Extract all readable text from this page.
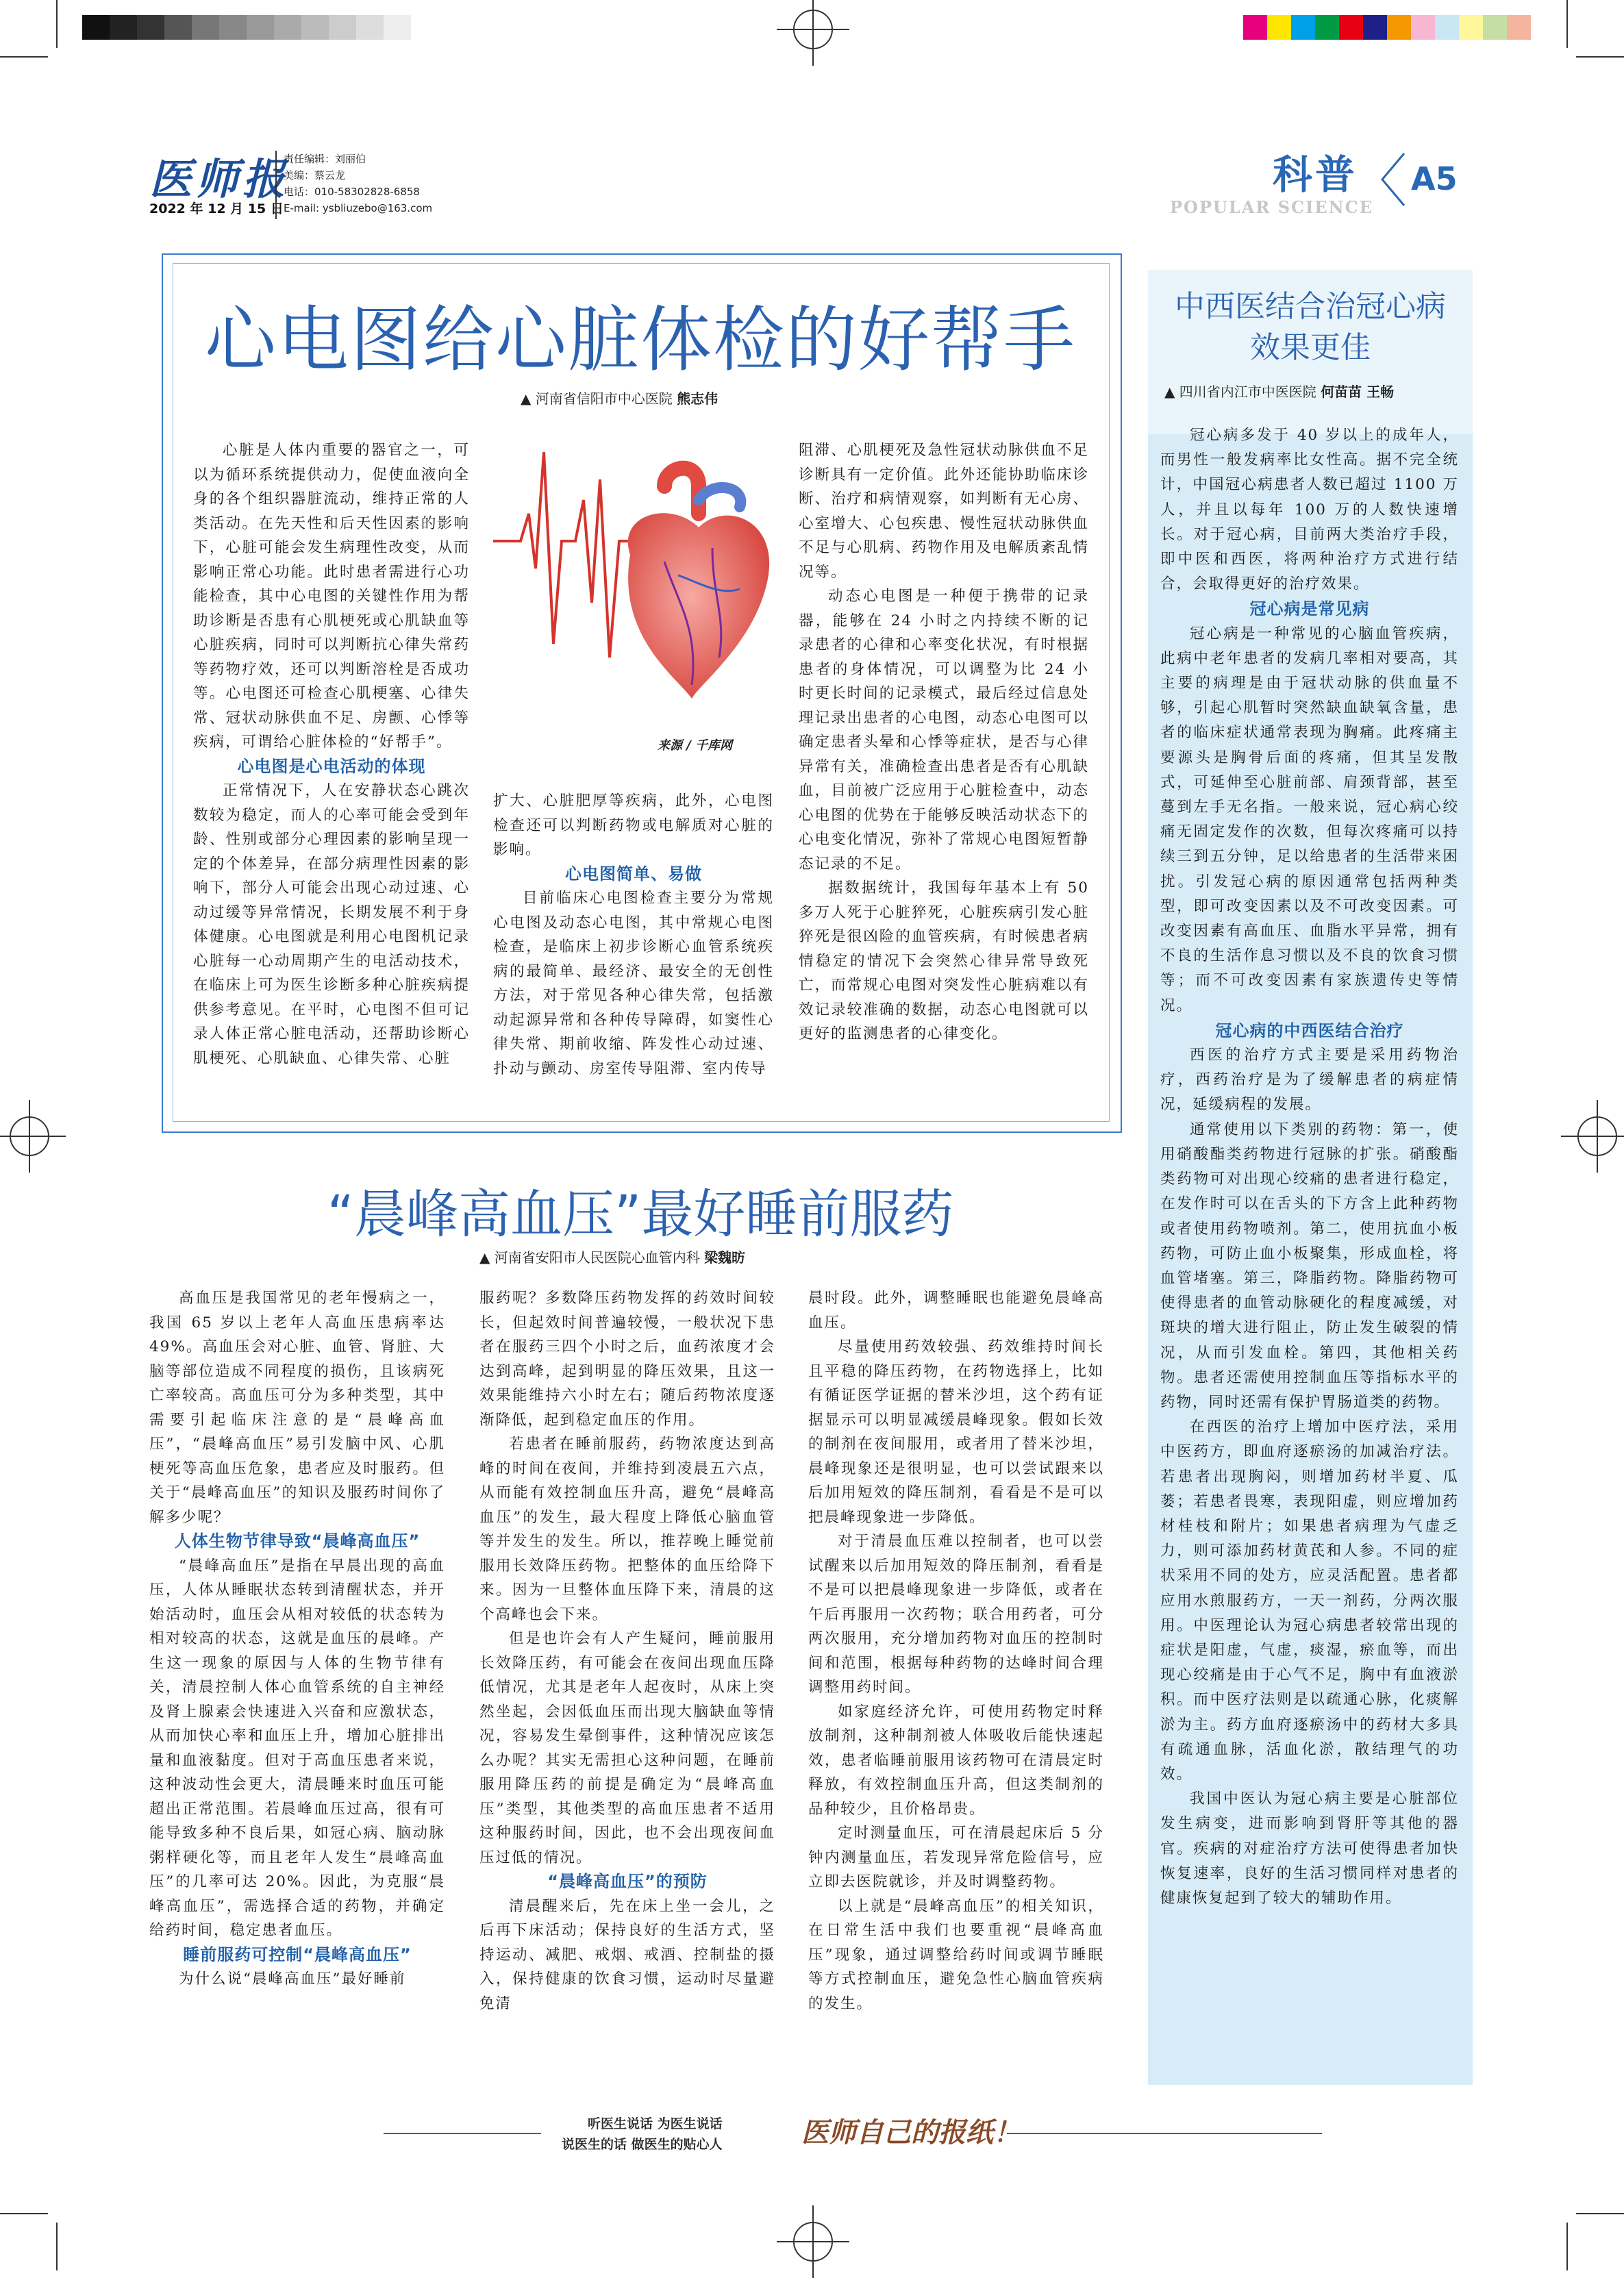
医师报
2022 年 12 月 15 日
责任编辑：刘丽伯
美编：蔡云龙
电话：010-58302828-6858
E-mail: ysbliuzebo@163.com
科普
POPULAR SCIENCE
A5
心电图给心脏体检的好帮手
▲ 河南省信阳市中心医院 熊志伟
来源 / 千库网

心脏是人体内重要的器官之一，可以为循环系统提供动力，促使血液向全身的各个组织器脏流动，维持正常的人类活动。在先天性和后天性因素的影响下，心脏可能会发生病理性改变，从而影响正常心功能。此时患者需进行心功能检查，其中心电图的关键性作用为帮助诊断是否患有心肌梗死或心肌缺血等心脏疾病，同时可以判断抗心律失常药等药物疗效，还可以判断溶栓是否成功等。心电图还可检查心肌梗塞、心律失常、冠状动脉供血不足、房颤、心悸等疾病，可谓给心脏体检的“好帮手”。

心电图是心电活动的体现

正常情况下，人在安静状态心跳次数较为稳定，而人的心率可能会受到年龄、性别或部分心理因素的影响呈现一定的个体差异，在部分病理性因素的影响下，部分人可能会出现心动过速、心动过缓等异常情况，长期发展不利于身体健康。心电图就是利用心电图机记录心脏每一心动周期产生的电活动技术，在临床上可为医生诊断多种心脏疾病提供参考意见。在平时，心电图不但可记录人体正常心脏电活动，还帮助诊断心肌梗死、心肌缺血、心律失常、心脏

扩大、心脏肥厚等疾病，此外，心电图检查还可以判断药物或电解质对心脏的影响。

心电图简单、易做

目前临床心电图检查主要分为常规心电图及动态心电图，其中常规心电图检查，是临床上初步诊断心血管系统疾病的最简单、最经济、最安全的无创性方法，对于常见各种心律失常，包括激动起源异常和各种传导障碍，如窦性心律失常、期前收缩、阵发性心动过速、扑动与颤动、房室传导阻滞、室内传导

阻滞、心肌梗死及急性冠状动脉供血不足诊断具有一定价值。此外还能协助临床诊断、治疗和病情观察，如判断有无心房、心室增大、心包疾患、慢性冠状动脉供血不足与心肌病、药物作用及电解质紊乱情况等。

动态心电图是一种便于携带的记录器，能够在 24 小时之内持续不断的记录患者的心律和心率变化状况，有时根据患者的身体情况，可以调整为比 24 小时更长时间的记录模式，最后经过信息处理记录出患者的心电图，动态心电图可以确定患者头晕和心悸等症状，是否与心律异常有关，准确检查出患者是否有心肌缺血，目前被广泛应用于心脏检查中，动态心电图的优势在于能够反映活动状态下的心电变化情况，弥补了常规心电图短暂静态记录的不足。

据数据统计，我国每年基本上有 50 多万人死于心脏猝死，心脏疾病引发心脏猝死是很凶险的血管疾病，有时候患者病情稳定的情况下会突然心律异常导致死亡，而常规心电图对突发性心脏病难以有效记录较准确的数据，动态心电图就可以更好的监测患者的心律变化。

“晨峰高血压”最好睡前服药
▲ 河南省安阳市人民医院心血管内科 梁魏昉

高血压是我国常见的老年慢病之一，我国 65 岁以上老年人高血压患病率达 49%。高血压会对心脏、血管、肾脏、大脑等部位造成不同程度的损伤，且该病死亡率较高。高血压可分为多种类型，其中需要引起临床注意的是“晨峰高血压”，“晨峰高血压”易引发脑中风、心肌梗死等高血压危象，患者应及时服药。但关于“晨峰高血压”的知识及服药时间你了解多少呢？

人体生物节律导致“晨峰高血压”

“晨峰高血压”是指在早晨出现的高血压，人体从睡眠状态转到清醒状态，并开始活动时，血压会从相对较低的状态转为相对较高的状态，这就是血压的晨峰。产生这一现象的原因与人体的生物节律有关，清晨控制人体心血管系统的自主神经及肾上腺素会快速进入兴奋和应激状态，从而加快心率和血压上升，增加心脏排出量和血液黏度。但对于高血压患者来说，这种波动性会更大，清晨睡来时血压可能超出正常范围。若晨峰血压过高，很有可能导致多种不良后果，如冠心病、脑动脉粥样硬化等，而且老年人发生“晨峰高血压”的几率可达 20%。因此，为克服“晨峰高血压”，需选择合适的药物，并确定给药时间，稳定患者血压。

睡前服药可控制“晨峰高血压”

为什么说“晨峰高血压”最好睡前

服药呢？多数降压药物发挥的药效时间较长，但起效时间普遍较慢，一般状况下患者在服药三四个小时之后，血药浓度才会达到高峰，起到明显的降压效果，且这一效果能维持六小时左右；随后药物浓度逐渐降低，起到稳定血压的作用。

若患者在睡前服药，药物浓度达到高峰的时间在夜间，并维持到凌晨五六点，从而能有效控制血压升高，避免“晨峰高血压”的发生，最大程度上降低心脑血管等并发生的发生。所以，推荐晚上睡觉前服用长效降压药物。把整体的血压给降下来。因为一旦整体血压降下来，清晨的这个高峰也会下来。

但是也许会有人产生疑问，睡前服用长效降压药，有可能会在夜间出现血压降低情况，尤其是老年人起夜时，从床上突然坐起，会因低血压而出现大脑缺血等情况，容易发生晕倒事件，这种情况应该怎么办呢？其实无需担心这种问题，在睡前服用降压药的前提是确定为“晨峰高血压”类型，其他类型的高血压患者不适用这种服药时间，因此，也不会出现夜间血压过低的情况。

“晨峰高血压”的预防

清晨醒来后，先在床上坐一会儿，之后再下床活动；保持良好的生活方式，坚持运动、减肥、戒烟、戒酒、控制盐的摄入，保持健康的饮食习惯，运动时尽量避免清

晨时段。此外，调整睡眠也能避免晨峰高血压。

尽量使用药效较强、药效维持时间长且平稳的降压药物，在药物选择上，比如有循证医学证据的替米沙坦，这个药有证据显示可以明显减缓晨峰现象。假如长效的制剂在夜间服用，或者用了替米沙坦，晨峰现象还是很明显，也可以尝试跟来以后加用短效的降压制剂，看看是不是可以把晨峰现象进一步降低。

对于清晨血压难以控制者，也可以尝试醒来以后加用短效的降压制剂，看看是不是可以把晨峰现象进一步降低，或者在午后再服用一次药物；联合用药者，可分两次服用，充分增加药物对血压的控制时间和范围，根据每种药物的达峰时间合理调整用药时间。

如家庭经济允许，可使用药物定时释放制剂，这种制剂被人体吸收后能快速起效，患者临睡前服用该药物可在清晨定时释放，有效控制血压升高，但这类制剂的品种较少，且价格昂贵。

定时测量血压，可在清晨起床后 5 分钟内测量血压，若发现异常危险信号，应立即去医院就诊，并及时调整药物。

以上就是“晨峰高血压”的相关知识，在日常生活中我们也要重视“晨峰高血压”现象，通过调整给药时间或调节睡眠等方式控制血压，避免急性心脑血管疾病的发生。

中西医结合治冠心病
效果更佳
▲ 四川省内江市中医医院 何苗苗 王畅

冠心病多发于 40 岁以上的成年人，而男性一般发病率比女性高。据不完全统计，中国冠心病患者人数已超过 1100 万人，并且以每年 100 万的人数快速增长。对于冠心病，目前两大类治疗手段，即中医和西医，将两种治疗方式进行结合，会取得更好的治疗效果。

冠心病是常见病

冠心病是一种常见的心脑血管疾病，此病中老年患者的发病几率相对要高，其主要的病理是由于冠状动脉的供血量不够，引起心肌暂时突然缺血缺氧含量，患者的临床症状通常表现为胸痛。此疼痛主要源头是胸骨后面的疼痛，但其呈发散式，可延伸至心脏前部、肩颈背部，甚至蔓到左手无名指。一般来说，冠心病心绞痛无固定发作的次数，但每次疼痛可以持续三到五分钟，足以给患者的生活带来困扰。引发冠心病的原因通常包括两种类型，即可改变因素以及不可改变因素。可改变因素有高血压、血脂水平异常，拥有不良的生活作息习惯以及不良的饮食习惯等；而不可改变因素有家族遗传史等情况。

冠心病的中西医结合治疗

西医的治疗方式主要是采用药物治疗，西药治疗是为了缓解患者的病症情况，延缓病程的发展。

通常使用以下类别的药物：第一，使用硝酸酯类药物进行冠脉的扩张。硝酸酯类药物可对出现心绞痛的患者进行稳定，在发作时可以在舌头的下方含上此种药物或者使用药物喷剂。第二，使用抗血小板药物，可防止血小板聚集，形成血栓，将血管堵塞。第三，降脂药物。降脂药物可使得患者的血管动脉硬化的程度减缓，对斑块的增大进行阻止，防止发生破裂的情况，从而引发血栓。第四，其他相关药物。患者还需使用控制血压等指标水平的药物，同时还需有保护胃肠道类的药物。

在西医的治疗上增加中医疗法，采用中医药方，即血府逐瘀汤的加减治疗法。若患者出现胸闷，则增加药材半夏、瓜蒌；若患者畏寒，表现阳虚，则应增加药材桂枝和附片；如果患者病理为气虚乏力，则可添加药材黄芪和人参。不同的症状采用不同的处方，应灵活配置。患者都应用水煎服药方，一天一剂药，分两次服用。中医理论认为冠心病患者较常出现的症状是阳虚，气虚，痰湿，瘀血等，而出现心绞痛是由于心气不足，胸中有血液淤积。而中医疗法则是以疏通心脉，化痰解淤为主。药方血府逐瘀汤中的药材大多具有疏通血脉，活血化淤，散结理气的功效。

我国中医认为冠心病主要是心脏部位发生病变，进而影响到肾肝等其他的器官。疾病的对症治疗方法可使得患者加快恢复速率，良好的生活习惯同样对患者的健康恢复起到了较大的辅助作用。

听医生说话 为医生说话
说医生的话 做医生的贴心人	医师自己的报纸！
